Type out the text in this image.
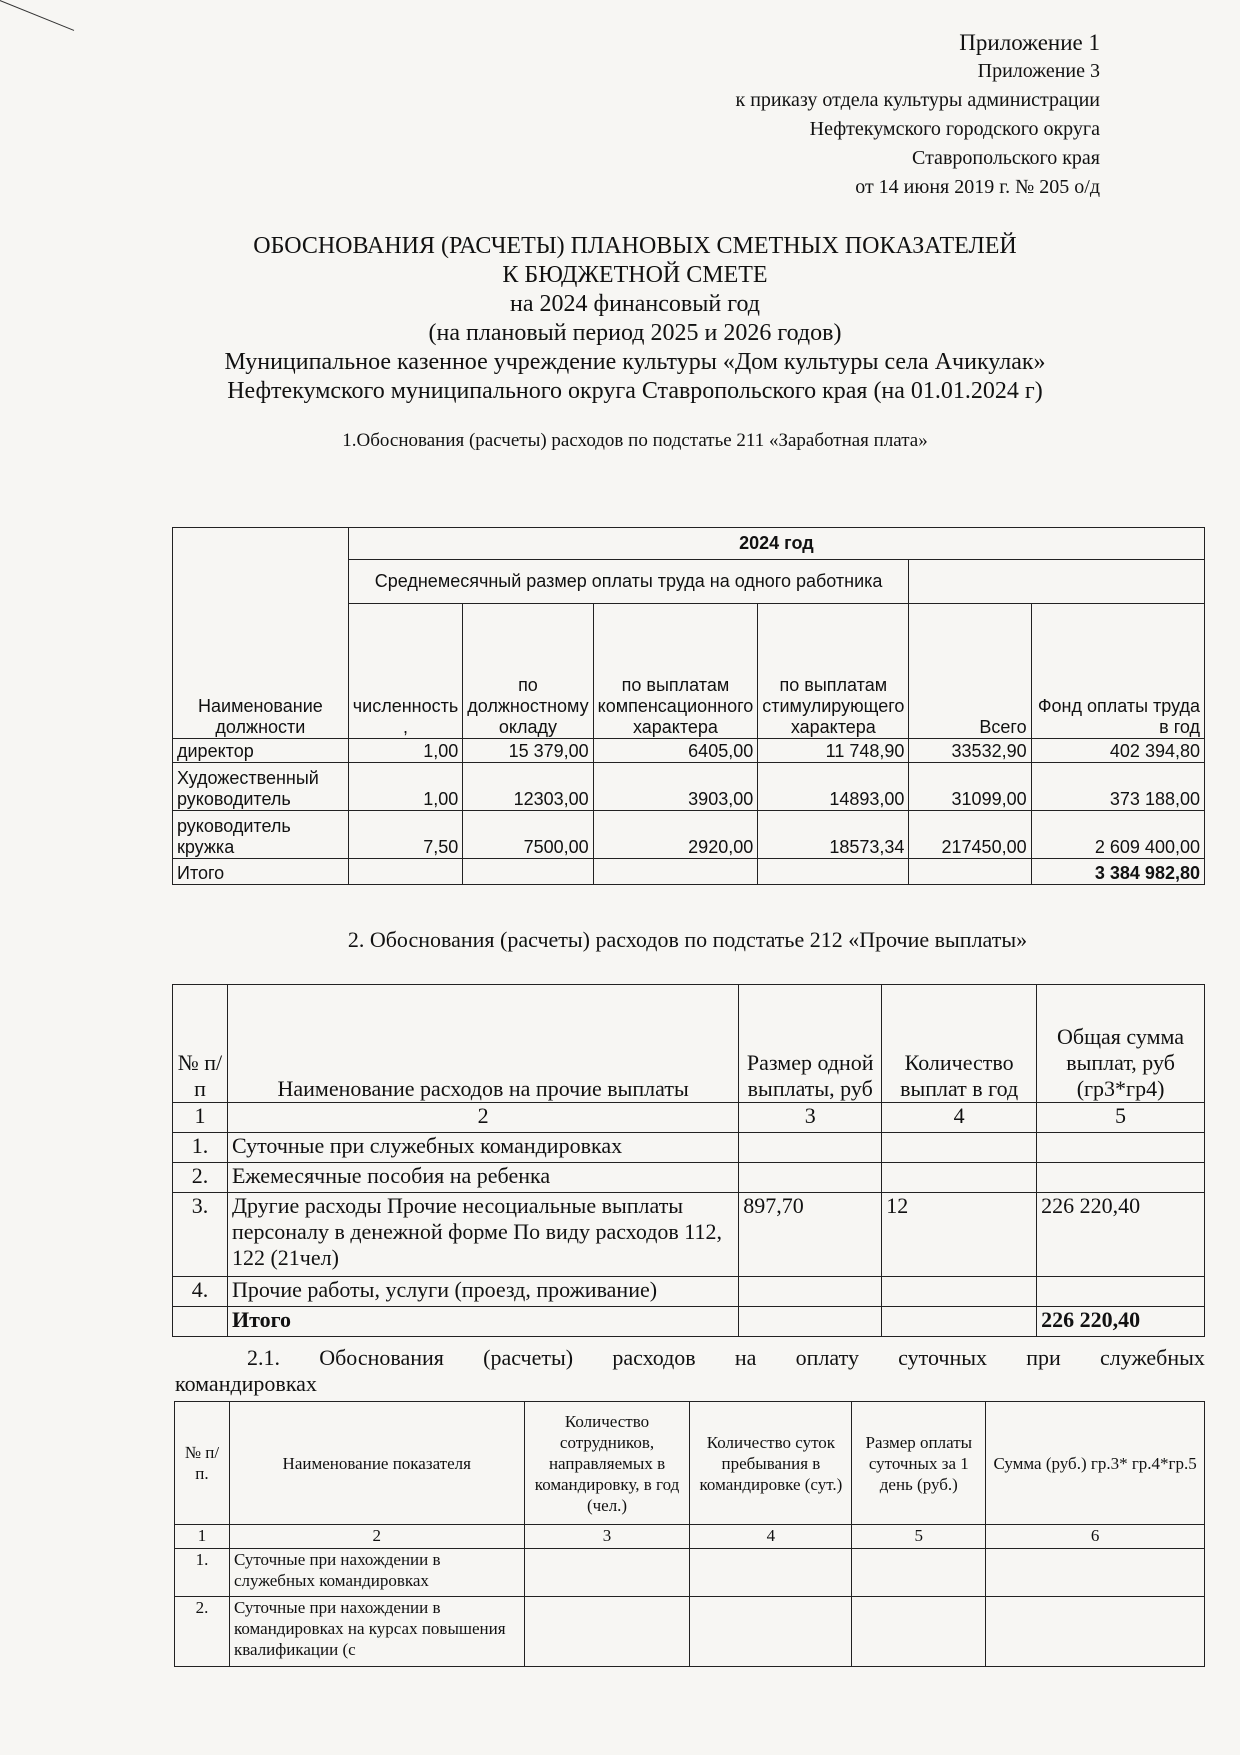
Приложение 1
Приложение 3
к приказу отдела культуры администрации
Нефтекумского городского округа
Ставропольского края
от 14 июня 2019 г. № 205 о/д
ОБОСНОВАНИЯ (РАСЧЕТЫ) ПЛАНОВЫХ СМЕТНЫХ ПОКАЗАТЕЛЕЙ
К БЮДЖЕТНОЙ СМЕТЕ
на 2024 финансовый год
(на плановый период 2025 и 2026 годов)
Муниципальное казенное учреждение культуры «Дом культуры села Ачикулак»
Нефтекумского муниципального округа Ставропольского края (на 01.01.2024 г)
1.Обоснования (расчеты) расходов по подстатье 211 «Заработная плата»
Наименование должности	2024 год					
	Среднемесячный размер оплаты труда на одного работника					
	численность ,	по должностному окладу	по выплатам компенсационного характера	по выплатам стимулирующего характера	Всего	Фонд оплаты труда в год
директор	1,00	15 379,00	6405,00	11 748,90	33532,90	402 394,80
Художественный руководитель	1,00	12303,00	3903,00	14893,00	31099,00	373 188,00
руководитель кружка	7,50	7500,00	2920,00	18573,34	217450,00	2 609 400,00
Итого						3 384 982,80
2. Обоснования (расчеты) расходов по подстатье 212 «Прочие выплаты»
№ п/п	Наименование расходов на прочие выплаты	Размер одной выплаты, руб	Количество выплат в год	Общая сумма выплат, руб (гр3*гр4)
1	2	3	4	5
1.	Суточные при служебных командировках			
2.	Ежемесячные пособия на ребенка			
3.	Другие расходы Прочие несоциальные выплаты персоналу в денежной форме По виду расходов 112, 122 (21чел)	897,70	12	226 220,40
4.	Прочие работы, услуги (проезд, проживание)			
	Итого			226 220,40
2.1. Обоснования (расчеты) расходов на оплату суточных при служебных
командировках
№ п/п.	Наименование показателя	Количество сотрудников, направляемых в командировку, в год (чел.)	Количество суток пребывания в командировке (сут.)	Размер оплаты суточных за 1 день (руб.)	Сумма (руб.) гр.3* гр.4*гр.5
1	2	3	4	5	6
1.	Суточные при нахождении в служебных командировках				
2.	Суточные при нахождении в командировках на курсах повышения квалификации (с				
